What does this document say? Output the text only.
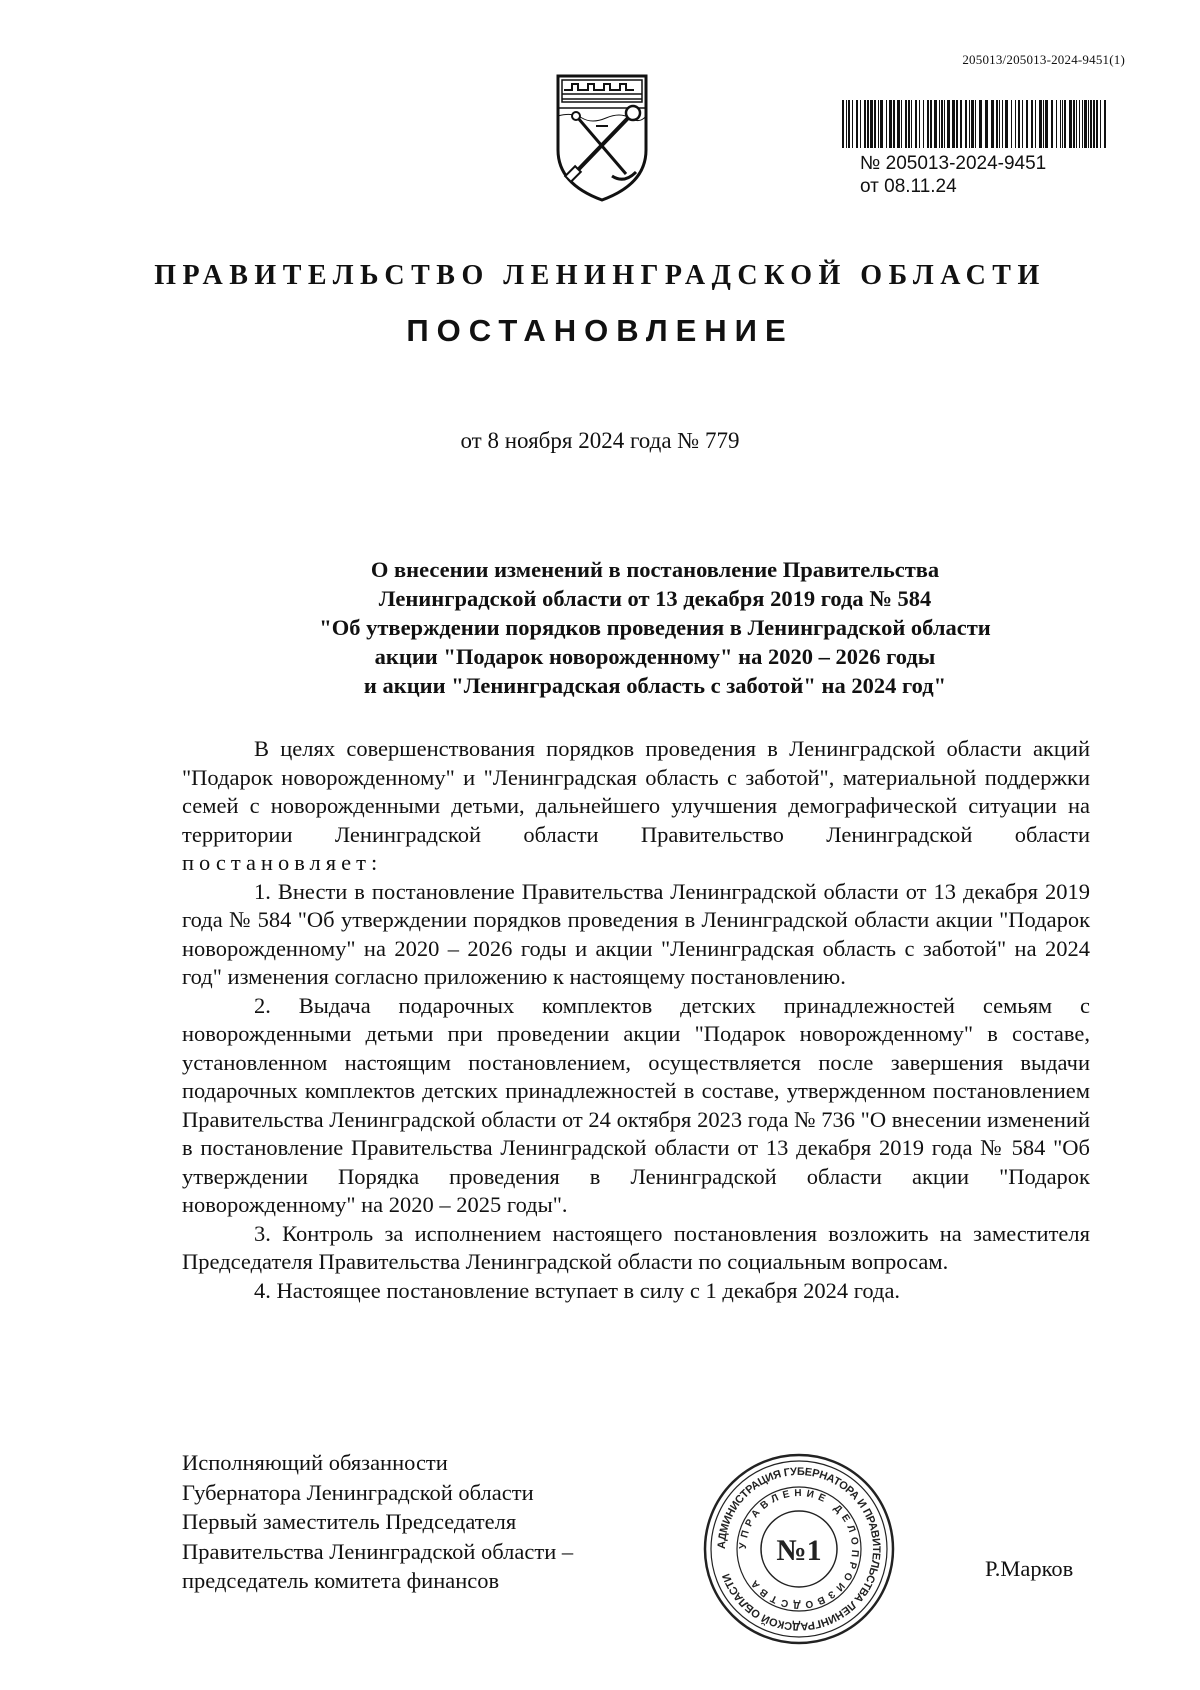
205013/205013-2024-9451(1)
№ 205013-2024-9451
от 08.11.24
ПРАВИТЕЛЬСТВО ЛЕНИНГРАДСКОЙ ОБЛАСТИ
ПОСТАНОВЛЕНИЕ
от 8 ноября 2024 года № 779
О внесении изменений в постановление Правительства
Ленинградской области от 13 декабря 2019 года № 584
"Об утверждении порядков проведения в Ленинградской области
акции "Подарок новорожденному" на 2020 – 2026 годы
и акции "Ленинградская область с заботой" на 2024 год"

В целях совершенствования порядков проведения в Ленинградской области акций "Подарок новорожденному" и "Ленинградская область с заботой", материальной поддержки семей с новорожденными детьми, дальнейшего улучшения демографической ситуации на территории Ленинградской области Правительство Ленинградской области постановляет:

1. Внести в постановление Правительства Ленинградской области от 13 декабря 2019 года № 584 "Об утверждении порядков проведения в Ленинградской области акции "Подарок новорожденному" на 2020 – 2026 годы и акции "Ленинградская область с заботой" на 2024 год" изменения согласно приложению к настоящему постановлению.

2. Выдача подарочных комплектов детских принадлежностей семьям с новорожденными детьми при проведении акции "Подарок новорожденному" в составе, установленном настоящим постановлением, осуществляется после завершения выдачи подарочных комплектов детских принадлежностей в составе, утвержденном постановлением Правительства Ленинградской области от 24 октября 2023 года № 736 "О внесении изменений в постановление Правительства Ленинградской области от 13 декабря 2019 года № 584 "Об утверждении Порядка проведения в Ленинградской области акции "Подарок новорожденному" на 2020 – 2025 годы".

3. Контроль за исполнением настоящего постановления возложить на заместителя Председателя Правительства Ленинградской области по социальным вопросам.

4. Настоящее постановление вступает в силу с 1 декабря 2024 года.

Исполняющий обязанности
Губернатора Ленинградской области
Первый заместитель Председателя
Правительства Ленинградской области –
председатель комитета финансов
АДМИНИСТРАЦИЯ ГУБЕРНАТОРА И ПРАВИТЕЛЬСТВА ЛЕНИНГРАДСКОЙ ОБЛАСТИ
УПРАВЛЕНИЕ ДЕЛОПРОИЗВОДСТВА
№1
Р.Марков
